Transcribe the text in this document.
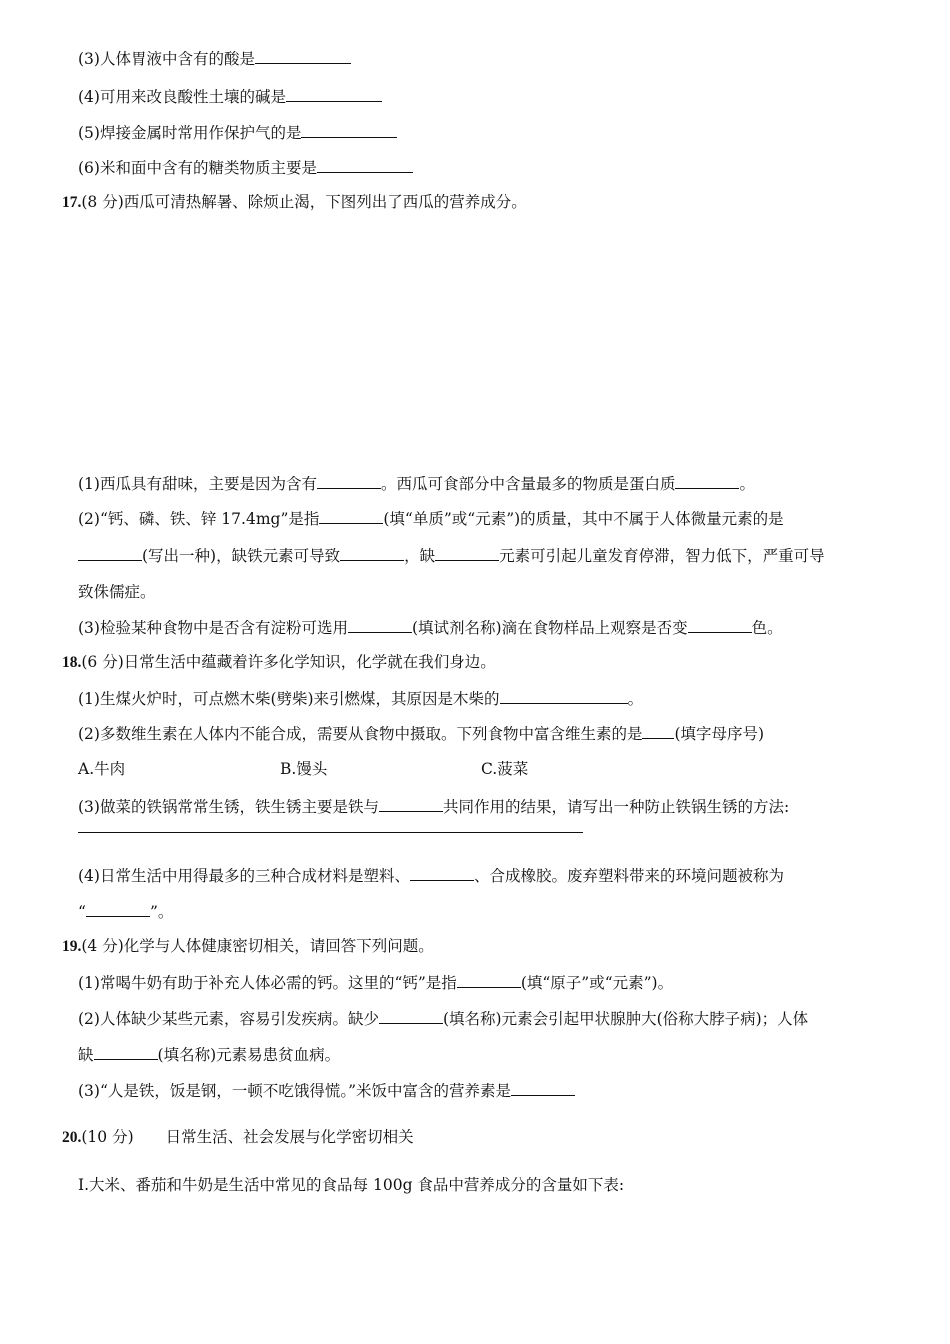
(3)人体胃液中含有的酸是
(4)可用来改良酸性土壤的碱是
(5)焊接金属时常用作保护气的是
(6)米和面中含有的糖类物质主要是
17.(8 分)西瓜可清热解暑、除烦止渴，下图列出了西瓜的营养成分。
(1)西瓜具有甜味，主要是因为含有	。西瓜可食部分中含量最多的物质是蛋白质	。
(2)“钙、磷、铁、锌 17.4mg”是指	(填“单质”或“元素”)的质量，其中不属于人体微量元素的是
(写出一种)，缺铁元素可导致	，缺	元素可引起儿童发育停滞，智力低下，严重可导
致侏儒症。
(3)检验某种食物中是否含有淀粉可选用	(填试剂名称)滴在食物样品上观察是否变	色。
18.(6 分)日常生活中蕴藏着许多化学知识，化学就在我们身边。
(1)生煤火炉时，可点燃木柴(劈柴)来引燃煤，其原因是木柴的	。
(2)多数维生素在人体内不能合成，需要从食物中摄取。下列食物中富含维生素的是 (填字母序号)
A.牛肉	B.馒头	C.菠菜
(3)做菜的铁锅常常生锈，铁生锈主要是铁与	共同作用的结果，请写出一种防止铁锅生锈的方法:
(4)日常生活中用得最多的三种合成材料是塑料、	、合成橡胶。废弃塑料带来的环境问题被称为
“	”。
19.(4 分)化学与人体健康密切相关，请回答下列问题。
(1)常喝牛奶有助于补充人体必需的钙。这里的“钙”是指	(填“原子”或“元素”)。
(2)人体缺少某些元素，容易引发疾病。缺少	(填名称)元素会引起甲状腺肿大(俗称大脖子病)；人体
缺	(填名称)元素易患贫血病。
(3)“人是铁，饭是钢，一顿不吃饿得慌。”米饭中富含的营养素是
20.(10 分) 日常生活、社会发展与化学密切相关
I.大米、番茄和牛奶是生活中常见的食品每 100g 食品中营养成分的含量如下表:
